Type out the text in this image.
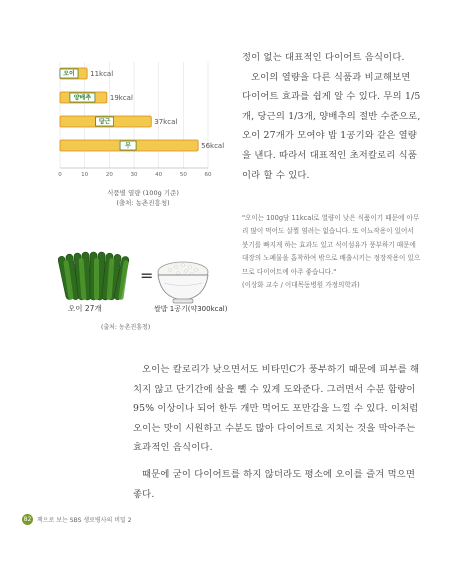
0	10	20	30	40	50	60
오이 11kcal
양배추	19kcal
당근	37kcal
무	56kcal
식품별 열량 (100g 기준)
(출처: 농촌진흥청)

정이 없는 대표적인 다이어트 음식이다.

오이의 열량을 다른 식품과 비교해보면 다이어트 효과를 쉽게 알 수 있다. 무의 1/5개, 당근의 1/3개, 양배추의 절반 수준으로, 오이 27개가 모여야 밥 1공기와 같은 열량을 낸다. 따라서 대표적인 초저칼로리 식품이라 할 수 있다.

"오이는 100g당 11kcal로 열량이 낮은 식품이기 때문에 아무리 많이 먹어도 살찔 염려는 없습니다. 또 이뇨작용이 있어서 붓기를 빠지게 하는 효과도 있고 식이섬유가 풍부하기 때문에 대장의 노폐물을 흡착하여 밖으로 배출시키는 정장작용이 있으므로 다이어트에 아주 좋습니다."

(이상화 교수 / 이대목동병원 가정의학과)

=
오이 27개	쌀밥 1공기(약300kcal)
(출처: 농촌진흥청)

오이는 칼로리가 낮으면서도 비타민C가 풍부하기 때문에 피부를 해치지 않고 단기간에 살을 뺄 수 있게 도와준다. 그러면서 수분 함량이 95% 이상이나 되어 한두 개만 먹어도 포만감을 느낄 수 있다. 이처럼 오이는 맛이 시원하고 수분도 많아 다이어트로 지치는 것을 막아주는 효과적인 음식이다.

때문에 굳이 다이어트를 하지 않더라도 평소에 오이를 즐겨 먹으면 좋다.

82 책으로 보는 SBS 생로병사의 비밀 2
